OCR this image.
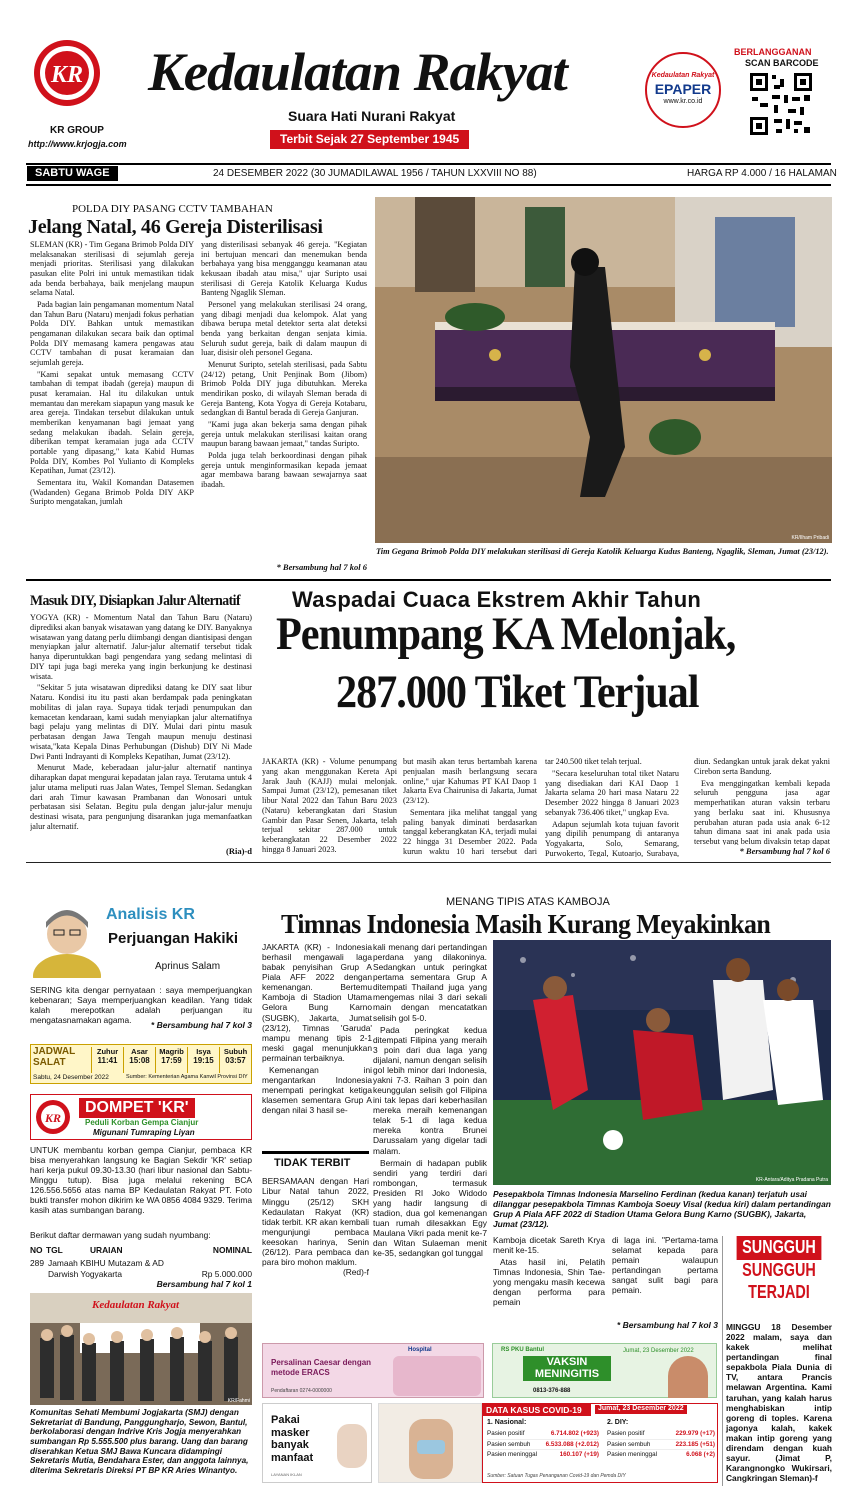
KR
KR GROUP
http://www.krjogja.com
Kedaulatan Rakyat
Suara Hati Nurani Rakyat
Terbit Sejak 27 September 1945
Kedaulatan Rakyat
EPAPER
www.kr.co.id
BERLANGGANAN
SCAN BARCODE
SABTU WAGE	24 DESEMBER 2022 (30 JUMADILAWAL 1956 / TAHUN LXXVIII NO 88)	HARGA RP 4.000 / 16 HALAMAN
POLDA DIY PASANG CCTV TAMBAHAN
Jelang Natal, 46 Gereja Disterilisasi

SLEMAN (KR) - Tim Gegana Brimob Polda DIY melaksanakan sterilisasi di sejumlah gereja menjadi prioritas. Sterilisasi yang dilakukan pasukan elite Polri ini untuk memastikan tidak ada benda berbahaya, baik menjelang maupun selama Natal.

Pada bagian lain pengamanan momentum Natal dan Tahun Baru (Nataru) menjadi fokus perhatian Polda DIY. Bahkan untuk memastikan pengamanan dilakukan secara baik dan optimal Polda DIY memasang kamera pengawas atau CCTV tambahan di pusat keramaian dan sejumlah gereja.

"Kami sepakat untuk memasang CCTV tambahan di tempat ibadah (gereja) maupun di pusat keramaian. Hal itu dilakukan untuk memantau dan merekam siapapun yang masuk ke area gereja. Tindakan tersebut dilakukan untuk memberikan kenyamanan bagi jemaat yang sedang melakukan ibadah. Selain gereja, diberikan tempat keramaian juga ada CCTV portable yang dipasang," kata Kabid Humas Polda DIY, Kombes Pol Yulianto di Kompleks Kepatihan, Jumat (23/12).

Sementara itu, Wakil Komandan Datasemen (Wadanden) Gegana Brimob Polda DIY AKP Suripto mengatakan, jumlah

yang disterilisasi sebanyak 46 gereja. "Kegiatan ini bertujuan mencari dan menemukan benda berbahaya yang bisa mengganggu keamanan atau kekusaan ibadah atau misa," ujar Suripto usai sterilisasi di Gereja Katolik Keluarga Kudus Banteng Ngaglik Sleman.

Personel yang melakukan sterilisasi 24 orang, yang dibagi menjadi dua kelompok. Alat yang dibawa berupa metal detektor serta alat deteksi benda yang berkaitan dengan senjata kimia. Seluruh sudut gereja, baik di dalam maupun di luar, disisir oleh personel Gegana.

Menurut Suripto, setelah sterilisasi, pada Sabtu (24/12) petang, Unit Penjinak Bom (Jibom) Brimob Polda DIY juga dibutuhkan. Mereka mendirikan posko, di wilayah Sleman berada di Gereja Banteng, Kota Yogya di Gereja Kotabaru, sedangkan di Bantul berada di Gereja Ganjuran.

"Kami juga akan bekerja sama dengan pihak gereja untuk melakukan sterilisasi kaitan orang maupun barang bawaan jemaat," tandas Suripto.

Polda juga telah berkoordinasi dengan pihak gereja untuk menginformasikan kepada jemaat agar membawa barang bawaan sewajarnya saat ibadah.

* Bersambung hal 7 kol 6
KR/Ilham Pribadi
Tim Gegana Brimob Polda DIY melakukan sterilisasi di Gereja Katolik Keluarga Kudus Banteng, Ngaglik, Sleman, Jumat (23/12).
Masuk DIY, Disiapkan Jalur Alternatif

YOGYA (KR) - Momentum Natal dan Tahun Baru (Nataru) diprediksi akan banyak wisatawan yang datang ke DIY. Banyaknya wisatawan yang datang perlu diimbangi dengan diantisipasi dengan menyiapkan jalur alternatif. Jalur-jalur alternatif tersebut tidak hanya diperuntukkan bagi pengendara yang sedang melintasi di DIY tapi juga bagi mereka yang ingin berkunjung ke destinasi wisata.

"Sekitar 5 juta wisatawan diprediksi datang ke DIY saat libur Nataru. Kondisi itu itu pasti akan berdampak pada peningkatan mobilitas di jalan raya. Supaya tidak terjadi penumpukan dan kemacetan kendaraan, kami sudah menyiapkan jalur alternatifnya bagi pelaju yang melintas di DIY. Mulai dari pintu masuk perbatasan dengan Jawa Tengah maupun menuju destinasi wisata,"kata Kepala Dinas Perhubungan (Dishub) DIY Ni Made Dwi Panti Indrayanti di Kompleks Kepatihan, Jumat (23/12).

Menurut Made, keberadaan jalur-jalur alternatif nantinya diharapkan dapat mengurai kepadatan jalan raya. Terutama untuk 4 jalur utama meliputi ruas Jalan Wates, Tempel Sleman. Sedangkan dari arah Timur kawasan Prambanan dan Wonosari untuk perbatasan sisi Selatan. Begitu pula dengan jalur-jalur menuju destinasi wisata, para pengunjung disarankan juga memanfaatkan jalur alternatif.

(Ria)-d
Waspadai Cuaca Ekstrem Akhir Tahun
Penumpang KA Melonjak,
287.000 Tiket Terjual

JAKARTA (KR) - Volume penumpang yang akan menggunakan Kereta Api Jarak Jauh (KAJJ) mulai melonjak. Sampai Jumat (23/12), pemesanan tiket libur Natal 2022 dan Tahun Baru 2023 (Nataru) keberangkatan dari Stasiun Gambir dan Pasar Senen, Jakarta, telah terjual sekitar 287.000 untuk keberangkatan 22 Desember 2022 hingga 8 Januari 2023.

but masih akan terus bertambah karena penjualan masih berlangsung secara online," ujar Kahumas PT KAI Daop 1 Jakarta Eva Chairunisa di Jakarta, Jumat (23/12).

Sementara jika melihat tanggal yang paling banyak diminati berdasarkan tanggal keberangkatan KA, terjadi mulai 22 hingga 31 Desember 2022. Pada kurun waktu 10 hari tersebut dari

tar 240.500 tiket telah terjual.

"Secara keseluruhan total tiket Nataru yang disediakan dari KAI Daop 1 Jakarta selama 20 hari masa Nataru 22 Desember 2022 hingga 8 Januari 2023 sebanyak 736.406 tiket," ungkap Eva.

Adapun sejumlah kota tujuan favorit yang dipilih penumpang di antaranya Yogyakarta, Solo, Semarang, Purwokerto, Tegal, Kutoarjo, Surabaya,

diun. Sedangkan untuk jarak dekat yakni Cirebon serta Bandung.

Eva menggingatkan kembali kepada seluruh pengguna jasa agar memperhatikan aturan vaksin terbaru yang berlaku saat ini. Khususnya perubahan aturan pada usia anak 6-12 tahun dimana saat ini anak pada usia tersebut yang belum divaksin tetap dapat

* Bersambung hal 7 kol 6
Analisis KR
Perjuangan Hakiki
Aprinus Salam
SERING kita dengar pernyataan : saya memperjuangkan kebenaran; Saya memperjuangkan keadilan. Yang tidak kalah merepotkan adalah perjuangan itu mengatasnamakan agama.	* Bersambung hal 7 kol 3
JADWAL
SALAT
Sabtu, 24 Desember 2022	Sumber: Kementerian Agama Kanwil Provinsi DIY
Zuhur
11:41
Asar
15:08
Magrib
17:59
Isya
19:15
Subuh
03:57
KR
DOMPET 'KR'
Peduli Korban Gempa Cianjur
Migunani Tumraping Liyan
UNTUK membantu korban gempa Cianjur, pembaca KR bisa menyerahkan langsung ke Bagian Sekdir 'KR' setiap hari kerja pukul 09.30-13.30 (hari libur nasional dan Sabtu-Minggu tutup). Bisa juga melalui rekening BCA 126.556.5656 atas nama BP Kedaulatan Rakyat PT. Foto bukti transfer mohon dikirim ke WA 0856 4084 9329. Terima kasih atas sumbangan barang.
Berikut daftar dermawan yang sudah nyumbang:
NO TGL	URAIAN	NOMINAL
289 Jamaah KBIHU Mutazam & AD
Darwish Yogyakarta	Rp 5.000.000
Bersambung hal 7 kol 1
Kedaulatan Rakyat
KR/Fahmi
Komunitas Sehati Membumi Jogjakarta (SMJ) dengan Sekretariat di Bandung, Panggungharjo, Sewon, Bantul, berkolaborasi dengan Indrive Kris Jogja menyerahkan sumbangan Rp 5.555.500 plus barang. Uang dan barang diserahkan Ketua SMJ Bawa Kuncara didampingi Sekretaris Mutia, Bendahara Ester, dan anggota lainnya, diterima Sekretaris Direksi PT BP KR Aries Winantyo.
MENANG TIPIS ATAS KAMBOJA
Timnas Indonesia Masih Kurang Meyakinkan

JAKARTA (KR) - Indonesia berhasil mengawali laga babak penyisihan Grup A Piala AFF 2022 dengan kemenangan. Bertemu Kamboja di Stadion Utama Gelora Bung Karno (SUGBK), Jakarta, Jumat (23/12), Timnas 'Garuda' mampu menang tipis 2-1 meski gagal menunjukkan permainan terbaiknya.

Kemenangan ini mengantarkan Indonesia menempati peringkat ketiga klasemen sementara Grup A dengan nilai 3 hasil se-

kali menang dari pertandingan perdana yang dilakoninya. Sedangkan untuk peringkat pertama sementara Grup A ditempati Thailand juga yang mengemas nilai 3 dari sekali main dengan mencatatkan selisih gol 5-0.

Pada peringkat kedua ditempati Filipina yang meraih 3 poin dari dua laga yang dijalani, namun dengan selisih gol lebih minor dari Indonesia, yakni 7-3. Raihan 3 poin dan keunggulan selisih gol Filipina ini tak lepas dari keberhasilan mereka meraih kemenangan telak 5-1 di laga kedua mereka kontra Brunei Darussalam yang digelar tadi malam.

Bermain di hadapan publik sendiri yang terdiri dari rombongan, termasuk Presiden RI Joko Widodo yang hadir langsung di stadion, dua gol kemenangan tuan rumah dilesakkan Egy Maulana Vikri pada menit ke-7 dan Witan Sulaeman menit ke-35, sedangkan gol tunggal

KR-Antara/Aditya Pradana Putra
Pesepakbola Timnas Indonesia Marselino Ferdinan (kedua kanan) terjatuh usai dilanggar pesepakbola Timnas Kamboja Soeuy Visal (kedua kiri) dalam pertandingan Grup A Piala AFF 2022 di Stadion Utama Gelora Bung Karno (SUGBK), Jakarta, Jumat (23/12).

Kamboja dicetak Sareth Krya menit ke-15.

Atas hasil ini, Pelatih Timnas Indonesia, Shin Tae-yong mengaku masih kecewa dengan performa para pemain

di laga ini. "Pertama-tama selamat kepada para pemain walaupun pertandingan pertama sangat sulit bagi para pemain.

* Bersambung hal 7 kol 3
TIDAK TERBIT
BERSAMAAN dengan Hari Libur Natal tahun 2022, Minggu (25/12) SKH Kedaulatan Rakyat (KR) tidak terbit. KR akan kembali mengunjungi pembaca keesokan harinya, Senin (26/12). Para pembaca dan para biro mohon maklum.
(Red)-f
SUNGGUH
SUNGGUH
TERJADI
MINGGU 18 Desember 2022 malam, saya dan kakek melihat pertandingan final sepakbola Piala Dunia di TV, antara Prancis melawan Argentina. Kami taruhan, yang kalah harus menghabiskan intip goreng di toples. Karena jagonya kalah, kakek makan intip goreng yang direndam dengan kuah sayur. (Jimat P, Karangnongko Wukirsari, Cangkringan Sleman)-f
Hospital
Persalinan Caesar dengan metode ERACS
Pendaftaran 0274-0000000
RS PKU Bantul
VAKSIN MENINGITIS
0813-376-888
Jumat, 23 Desember 2022
Pakai masker banyak manfaat
LAYANAN IKLAN
DATA KASUS COVID-19	Jumat, 23 Desember 2022
1. Nasional:	2. DIY:
Pasien positif	6.714.802 (+923)
Pasien sembuh	6.533.088 (+2.012)
Pasien meninggal	160.107 (+19)
Pasien positif	229.979 (+17)
Pasien sembuh	223.185 (+51)
Pasien meninggal	6.068 (+2)
Sumber: Satuan Tugas Penanganan Covid-19 dan Pemda DIY
